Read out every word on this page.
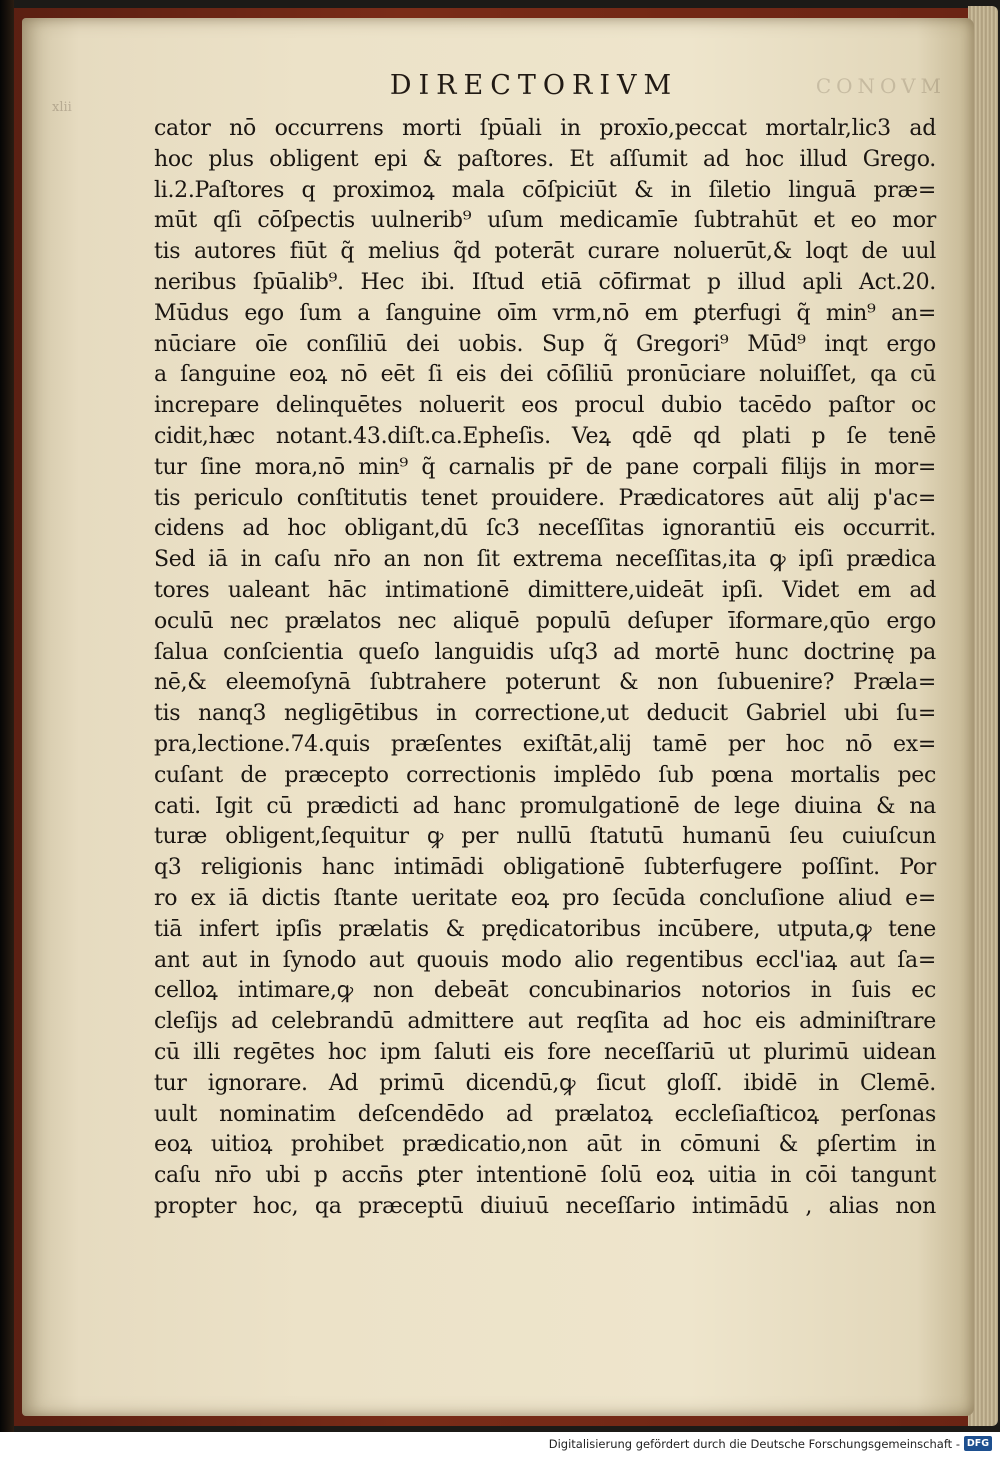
CONOVM
xlii
DIRECTORIVM
cator nō occurrens morti ſpūali in proxīo,peccat mortalr,lic3 ad
hoc plus obligent epi & paſtores. Et aſſumit ad hoc illud Grego.
li.2.Paſtores q proximoꝝ mala cōſpiciūt & in ſiletio linguā præ=
mūt qſi cōſpectis uulnerib⁹ uſum medicamīe ſubtrahūt et eo mor
tis autores fiūt q̃ melius q̃d poterāt curare noluerūt,& loqt de uul
neribus ſpūalib⁹. Hec ibi. Iſtud etiā cōfirmat p illud apli Act.20.
Mūdus ego ſum a ſanguine oīm vrm,nō em ꝑterfugi q̃ min⁹ an=
nūciare oīe conſiliū dei uobis. Sup q̃ Gregori⁹ Mūd⁹ inqt ergo
a ſanguine eoꝝ nō eēt ſi eis dei cōſiliū pronūciare noluiſſet, qa cū
increpare delinquētes noluerit eos procul dubio tacēdo paſtor oc
cidit,hæc notant.43.diſt.ca.Epheſis. Veꝝ qdē qd plati p ſe tenē
tur ſine mora,nō min⁹ q̃ carnalis pr̄ de pane corpali filijs in mor=
tis periculo conſtitutis tenet prouidere. Prædicatores aūt alij p'ac=
cidens ad hoc obligant,dū ſc3 neceſſitas ignorantiū eis occurrit.
Sed iā in caſu nr̄o an non ſit extrema neceſſitas,ita ꝙ ipſi prædica
tores ualeant hāc intimationē dimittere,uideāt ipſi. Videt em ad
oculū nec prælatos nec aliquē populū deſuper īformare,qūo ergo
ſalua conſcientia queſo languidis uſq3 ad mortē hunc doctrinę pa
nē,& eleemoſynā ſubtrahere poterunt & non ſubuenire? Præla=
tis nanq3 negligētibus in correctione,ut deducit Gabriel ubi ſu=
pra,lectione.74.quis præſentes exiſtāt,alij tamē per hoc nō ex=
cuſant de præcepto correctionis implēdo ſub pœna mortalis pec
cati. Igit cū prædicti ad hanc promulgationē de lege diuina & na
turæ obligent,ſequitur ꝙ per nullū ſtatutū humanū ſeu cuiuſcun
q3 religionis hanc intimādi obligationē ſubterfugere poſſint. Por
ro ex iā dictis ſtante ueritate eoꝝ pro ſecūda concluſione aliud e=
tiā infert ipſis prælatis & prędicatoribus incūbere, utputa,ꝙ tene
ant aut in ſynodo aut quouis modo alio regentibus eccl'iaꝝ aut ſa=
celloꝝ intimare,ꝙ non debeāt concubinarios notorios in ſuis ec
cleſijs ad celebrandū admittere aut reqſita ad hoc eis adminiſtrare
cū illi regētes hoc ipm ſaluti eis fore neceſſariū ut plurimū uidean
tur ignorare. Ad primū dicendū,ꝙ ſicut gloſſ. ibidē in Clemē.
uult nominatim deſcendēdo ad prælatoꝝ eccleſiaſticoꝝ perſonas
eoꝝ uitioꝝ prohibet prædicatio,non aūt in cōmuni & ꝑſertim in
caſu nr̄o ubi p accn̄s ꝑter intentionē ſolū eoꝝ uitia in cōi tangunt
propter hoc, qa præceptū diuiuū neceſſario intimādū , alias non
Digitalisierung gefördert durch die Deutsche Forschungsgemeinschaft - DFG
